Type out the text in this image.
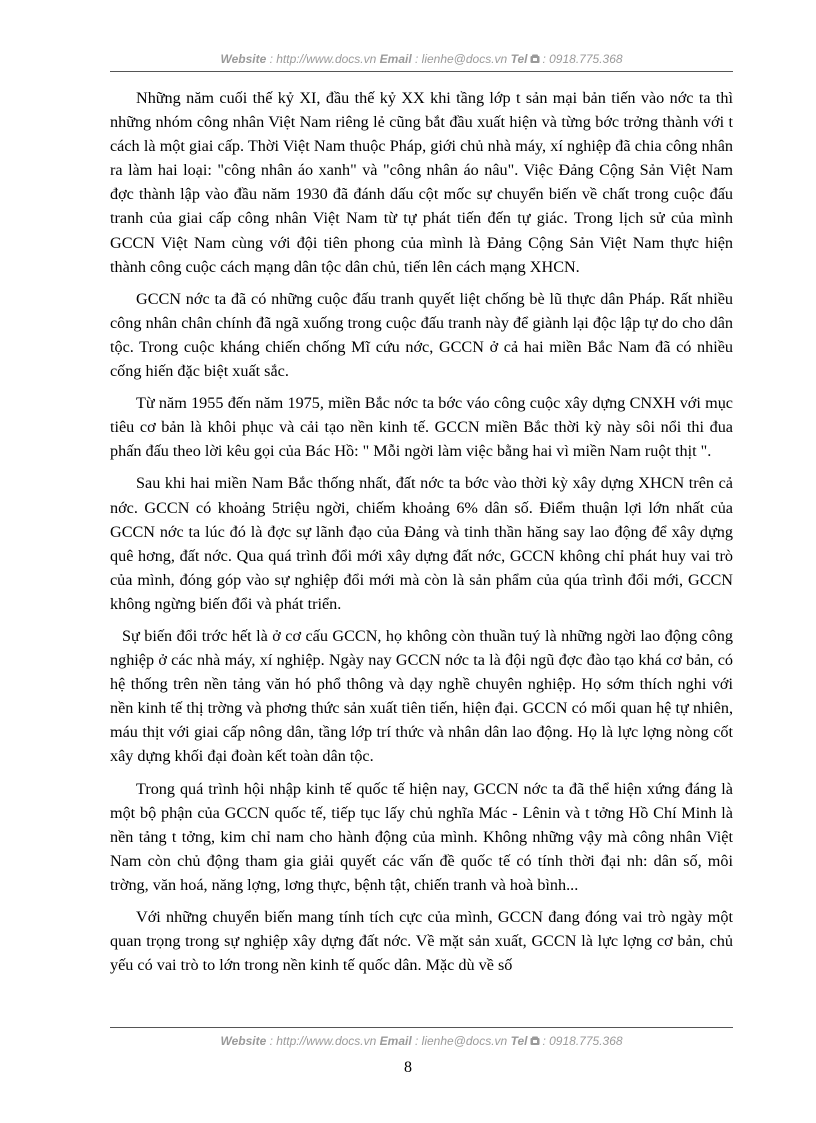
Website : http://www.docs.vn Email : lienhe@docs.vn Tel : 0918.775.368

Những năm cuối thế kỷ XI, đầu thế kỷ XX khi tầng lớp t sản mại bản tiến vào nớc ta thì những nhóm công nhân Việt Nam riêng lẻ cũng bắt đầu xuất hiện và từng bớc trởng thành với t cách là một giai cấp. Thời Việt Nam thuộc Pháp, giới chủ nhà máy, xí nghiệp đã chia công nhân ra làm hai loại: "công nhân áo xanh" và "công nhân áo nâu". Việc Đảng Cộng Sản Việt Nam đợc thành lập vào đầu năm 1930 đã đánh dấu cột mốc sự chuyển biến về chất trong cuộc đấu tranh của giai cấp công nhân Việt Nam từ tự phát tiến đến tự giác. Trong lịch sử của mình GCCN Việt Nam cùng với đội tiên phong của mình là Đảng Cộng Sản Việt Nam thực hiện thành công cuộc cách mạng dân tộc dân chủ, tiến lên cách mạng XHCN.

GCCN nớc ta đã có những cuộc đấu tranh quyết liệt chống bè lũ thực dân Pháp. Rất nhiều công nhân chân chính đã ngã xuống trong cuộc đấu tranh này để giành lại độc lập tự do cho dân tộc. Trong cuộc kháng chiến chống Mĩ cứu nớc, GCCN ở cả hai miền Bắc Nam đã có nhiều cống hiến đặc biệt xuất sắc.

Từ năm 1955 đến năm 1975, miền Bắc nớc ta bớc váo công cuộc xây dựng CNXH với mục tiêu cơ bản là khôi phục và cải tạo nền kinh tế. GCCN miền Bắc thời kỳ này sôi nổi thi đua phấn đấu theo lời kêu gọi của Bác Hồ: " Mỗi ngời làm việc bằng hai vì miền Nam ruột thịt ".

Sau khi hai miền Nam Bắc thống nhất, đất nớc ta bớc vào thời kỳ xây dựng XHCN trên cả nớc. GCCN có khoảng 5triệu ngời, chiếm khoảng 6% dân số. Điểm thuận lợi lớn nhất của GCCN nớc ta lúc đó là đợc sự lãnh đạo của Đảng và tinh thần hăng say lao động để xây dựng quê hơng, đất nớc. Qua quá trình đổi mới xây dựng đất nớc, GCCN không chỉ phát huy vai trò của mình, đóng góp vào sự nghiệp đổi mới mà còn là sản phẩm của qúa trình đổi mới, GCCN không ngừng biến đổi và phát triển.

Sự biến đổi trớc hết là ở cơ cấu GCCN, họ không còn thuần tuý là những ngời lao động công nghiệp ở các nhà máy, xí nghiệp. Ngày nay GCCN nớc ta là đội ngũ đợc đào tạo khá cơ bản, có hệ thống trên nền tảng văn hó phổ thông và dạy nghề chuyên nghiệp. Họ sớm thích nghi với nền kinh tế thị trờng và phơng thức sản xuất tiên tiến, hiện đại. GCCN có mối quan hệ tự nhiên, máu thịt với giai cấp nông dân, tầng lớp trí thức và nhân dân lao động. Họ là lực lợng nòng cốt xây dựng khối đại đoàn kết toàn dân tộc.

Trong quá trình hội nhập kinh tế quốc tế hiện nay, GCCN nớc ta đã thể hiện xứng đáng là một bộ phận của GCCN quốc tế, tiếp tục lấy chủ nghĩa Mác - Lênin và t tởng Hồ Chí Minh là nền tảng t tởng, kim chỉ nam cho hành động của mình. Không những vậy mà công nhân Việt Nam còn chủ động tham gia giải quyết các vấn đề quốc tế có tính thời đại nh: dân số, môi trờng, văn hoá, năng lợng, lơng thực, bệnh tật, chiến tranh và hoà bình...

Với những chuyển biến mang tính tích cực của mình, GCCN đang đóng vai trò ngày một quan trọng trong sự nghiệp xây dựng đất nớc. Về mặt sản xuất, GCCN là lực lợng cơ bản, chủ yếu có vai trò to lớn trong nền kinh tế quốc dân. Mặc dù về số

Website : http://www.docs.vn Email : lienhe@docs.vn Tel : 0918.775.368
8
